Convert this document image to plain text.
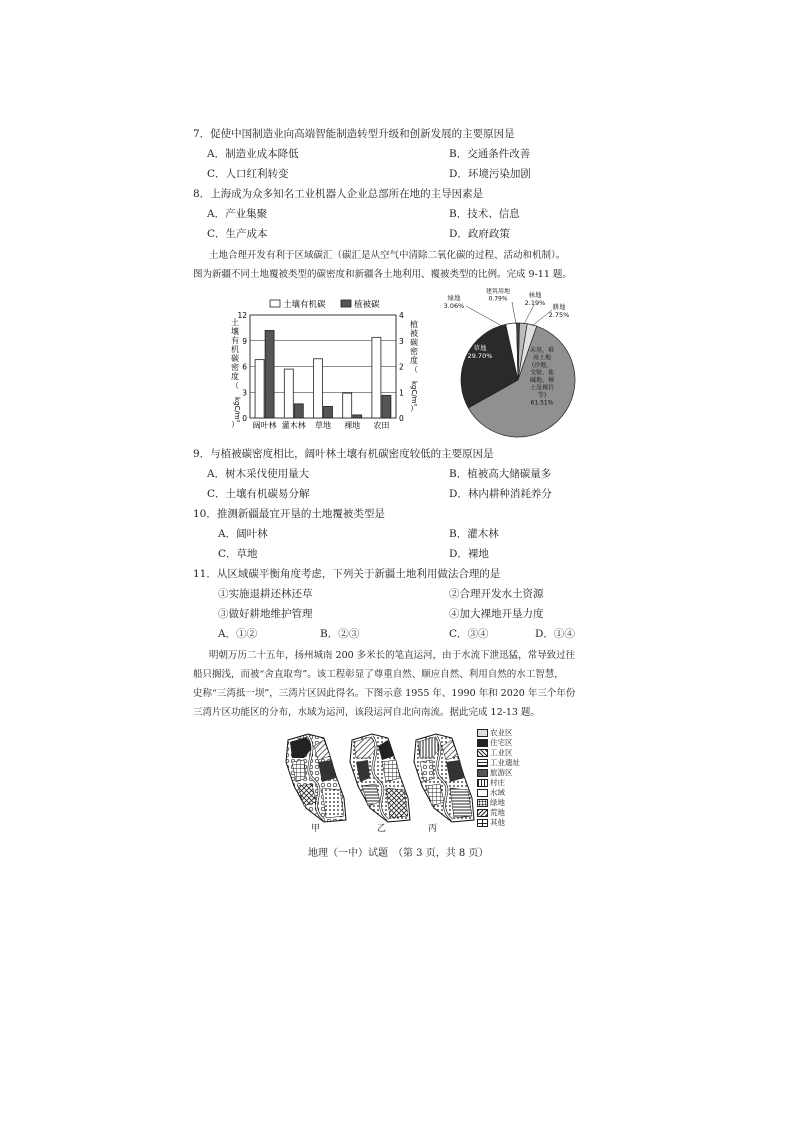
7．促使中国制造业向高端智能制造转型升级和创新发展的主要原因是
A．制造业成本降低	B．交通条件改善
C．人口红利转变	D．环境污染加剧
8．上海成为众多知名工业机器人企业总部所在地的主导因素是
A．产业集聚	B．技术、信息
C．生产成本	D．政府政策
土地合理开发有利于区域碳汇（碳汇是从空气中清除二氧化碳的过程、活动和机制）。
图为新疆不同土地覆被类型的碳密度和新疆各土地利用、覆被类型的比例。完成 9-11 题。
土壤有机碳	植被碳
土
壤
有
机
碳
密
度
（
kgC/m²
）
植
被
碳
密
度
（
kgC/m²
）
0
3
6
9
12
0
1
2
3
4
阔叶林 灌木林 草地 裸地 农田
未用、难
用土地
(沙地、
戈壁、盐
碱地、裸
土及裸岩
等)
61.51%
草地
29.70%
绿地
3.06%
建筑用地
0.79%	林地
2.19% 耕地
2.75%
9．与植被碳密度相比，阔叶林土壤有机碳密度较低的主要原因是
A．树木采伐使用量大	B．植被高大储碳量多
C．土壤有机碳易分解	D．林内耕种消耗养分
10．推测新疆最宜开垦的土地覆被类型是
A．阔叶林	B．灌木林
C．草地	D．裸地
11．从区域碳平衡角度考虑，下列关于新疆土地利用做法合理的是
①实施退耕还林还草	②合理开发水土资源
③做好耕地维护管理	④加大裸地开垦力度
A．①②	B．②③	C．③④	D．①④
明朝万历二十五年，扬州城南 200 多米长的笔直运河，由于水流下泄迅猛，常导致过往
船只搁浅，而被“舍直取弯”。该工程彰显了尊重自然、顺应自然、利用自然的水工智慧，
史称“三湾抵一坝”，三湾片区因此得名。下图示意 1955 年、1990 年和 2020 年三个年份
三湾片区功能区的分布，水域为运河，该段运河自北向南流。据此完成 12-13 题。
甲	乙	丙
农业区
住宅区
工业区
工业遗址
旅游区
村庄
水域
绿地
荒地
其他
地理（一中）试题　（第 3 页，共 8 页）
